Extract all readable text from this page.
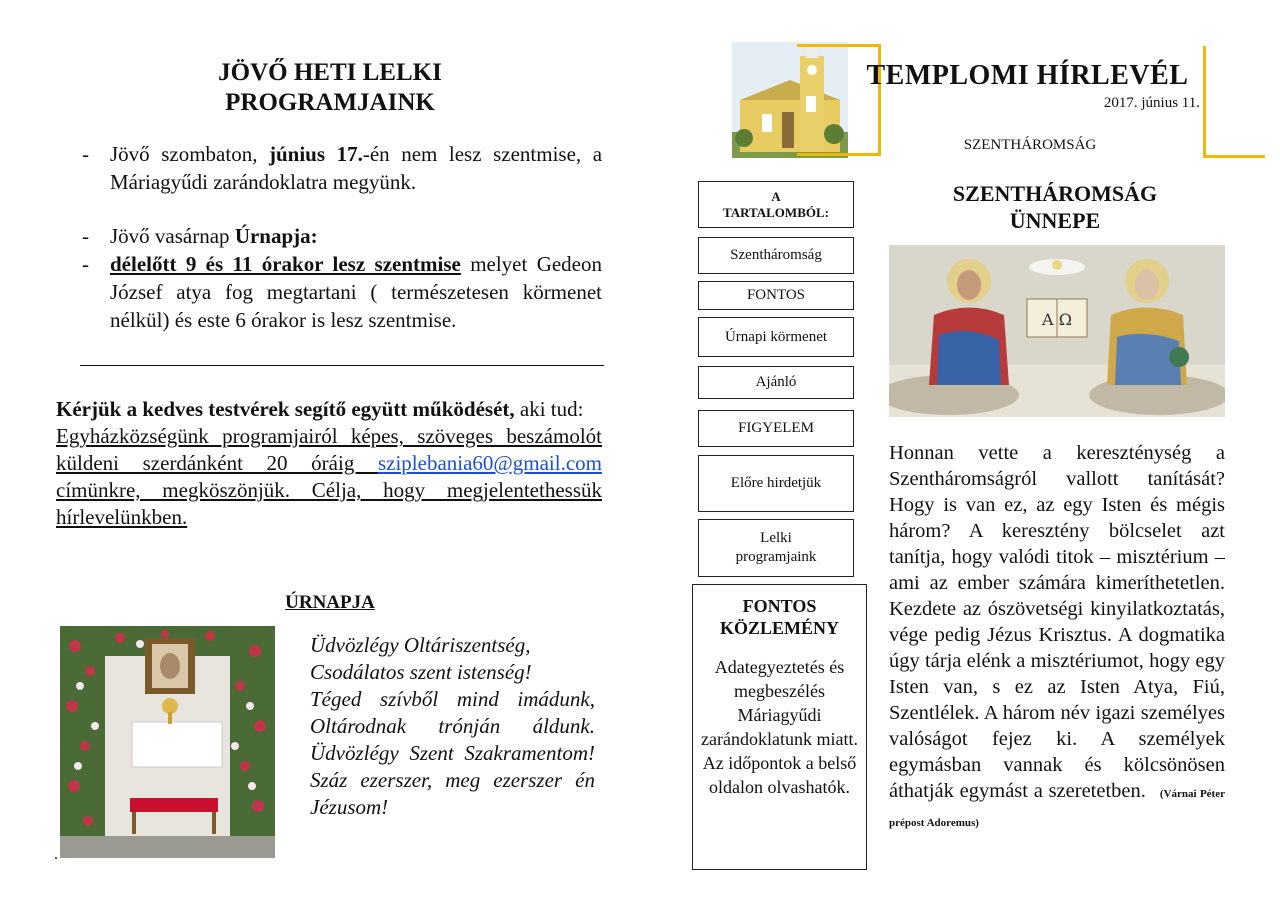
JÖVŐ HETI LELKI
PROGRAMJAINK
- Jövő szombaton, június 17.-én nem lesz szentmise, a Máriagyűdi zarándoklatra megyünk.
- Jövő vasárnap Úrnapja:
- délelőtt 9 és 11 órakor lesz szentmise melyet Gedeon József atya fog megtartani ( természetesen körmenet nélkül) és este 6 órakor is lesz szentmise.
Kérjük a kedves testvérek segítő együtt működését, aki tud:
Egyházközségünk programjairól képes, szöveges beszámolót küldeni szerdánként 20 óráig sziplebania60@gmail.com címünkre, megköszönjük. Célja, hogy megjelentethessük hírlevelünkben.
ÚRNAPJA
Üdvözlégy Oltáriszentség,
Csodálatos szent istenség!
Téged szívből mind imádunk, Oltárodnak trónján áldunk. Üdvözlégy Szent Szakramentom! Száz ezerszer, meg ezerszer én Jézusom!
.
TEMPLOMI HÍRLEVÉL
2017. június 11.
SZENTHÁROMSÁG
A
TARTALOMBÓL:
Szentháromság
FONTOS
Úrnapi körmenet
Ajánló
FIGYELEM
Előre hirdetjük
Lelki programjaink
FONTOS
KÖZLEMÉNY
Adategyeztetés és megbeszélés Máriagyűdi zarándoklatunk miatt. Az időpontok a belső oldalon olvashatók.
SZENTHÁROMSÁG
ÜNNEPE
Α Ω
Honnan vette a kereszténység a Szentháromságról vallott tanítását? Hogy is van ez, az egy Isten és mégis három? A keresztény bölcselet azt tanítja, hogy valódi titok – misztérium – ami az ember számára kimeríthetetlen. Kezdete az ószövetségi kinyilatkoztatás, vége pedig Jézus Krisztus. A dogmatika úgy tárja elénk a misztériumot, hogy egy Isten van, s ez az Isten Atya, Fiú, Szentlélek. A három név igazi személyes valóságot fejez ki. A személyek egymásban vannak és kölcsönösen áthatják egymást a szeretetben. (Várnai Péter prépost Adoremus)
